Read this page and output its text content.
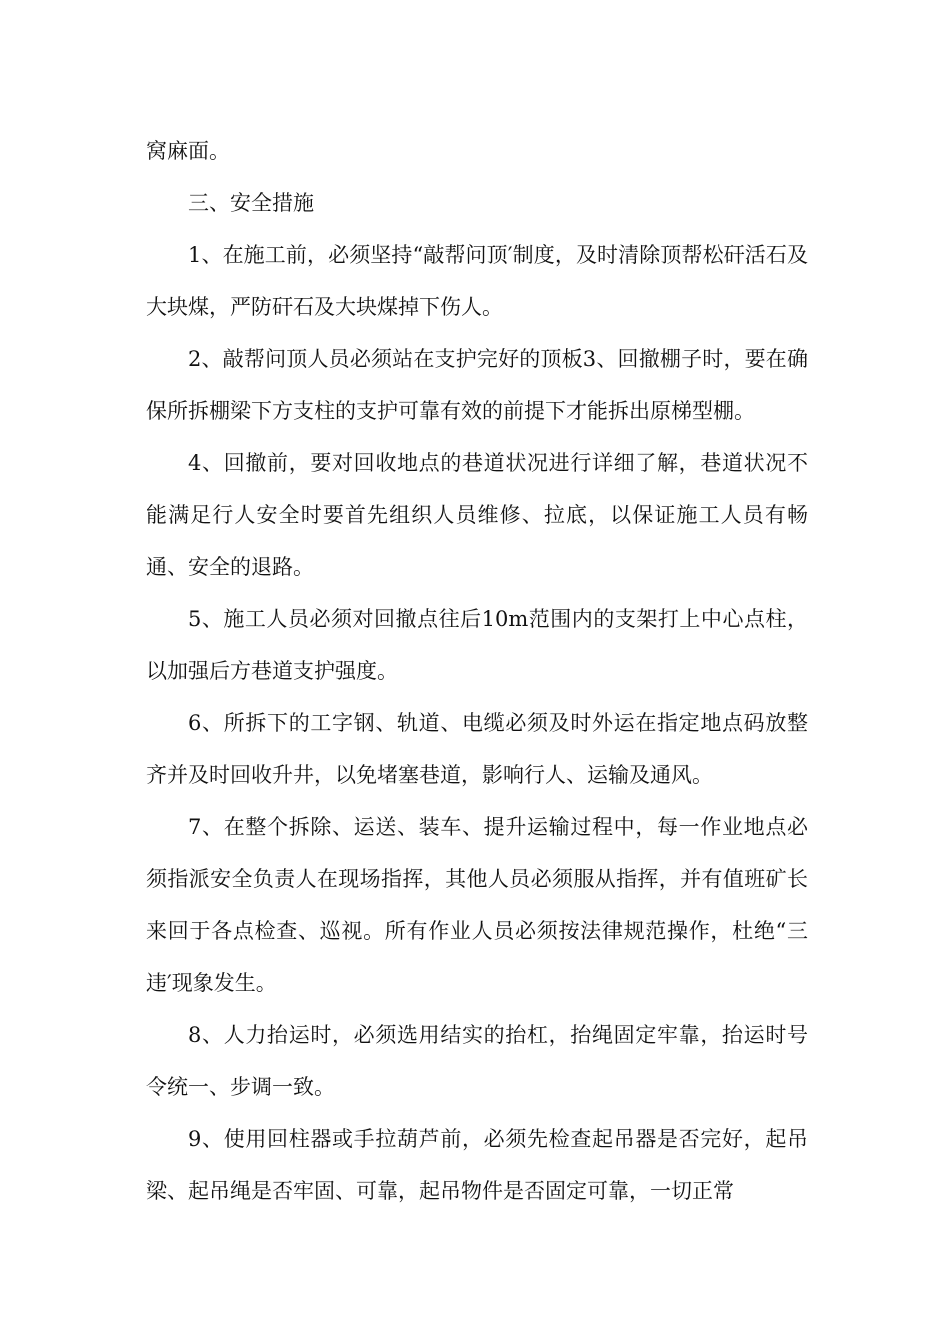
窝麻面。

三、安全措施

1、在施工前，必须坚持“敲帮问顶′制度，及时清除顶帮松矸活石及大块煤，严防矸石及大块煤掉下伤人。

2、敲帮问顶人员必须站在支护完好的顶板3、回撤棚子时，要在确保所拆棚梁下方支柱的支护可靠有效的前提下才能拆出原梯型棚。

4、回撤前，要对回收地点的巷道状况进行详细了解，巷道状况不能满足行人安全时要首先组织人员维修、拉底，以保证施工人员有畅通、安全的退路。

5、施工人员必须对回撤点往后10m范围内的支架打上中心点柱，以加强后方巷道支护强度。

6、所拆下的工字钢、轨道、电缆必须及时外运在指定地点码放整齐并及时回收升井，以免堵塞巷道，影响行人、运输及通风。

7、在整个拆除、运送、装车、提升运输过程中，每一作业地点必须指派安全负责人在现场指挥，其他人员必须服从指挥，并有值班矿长来回于各点检查、巡视。所有作业人员必须按法律规范操作，杜绝“三违′现象发生。

8、人力抬运时，必须选用结实的抬杠，抬绳固定牢靠，抬运时号令统一、步调一致。

9、使用回柱器或手拉葫芦前，必须先检查起吊器是否完好，起吊梁、起吊绳是否牢固、可靠，起吊物件是否固定可靠，一切正常
